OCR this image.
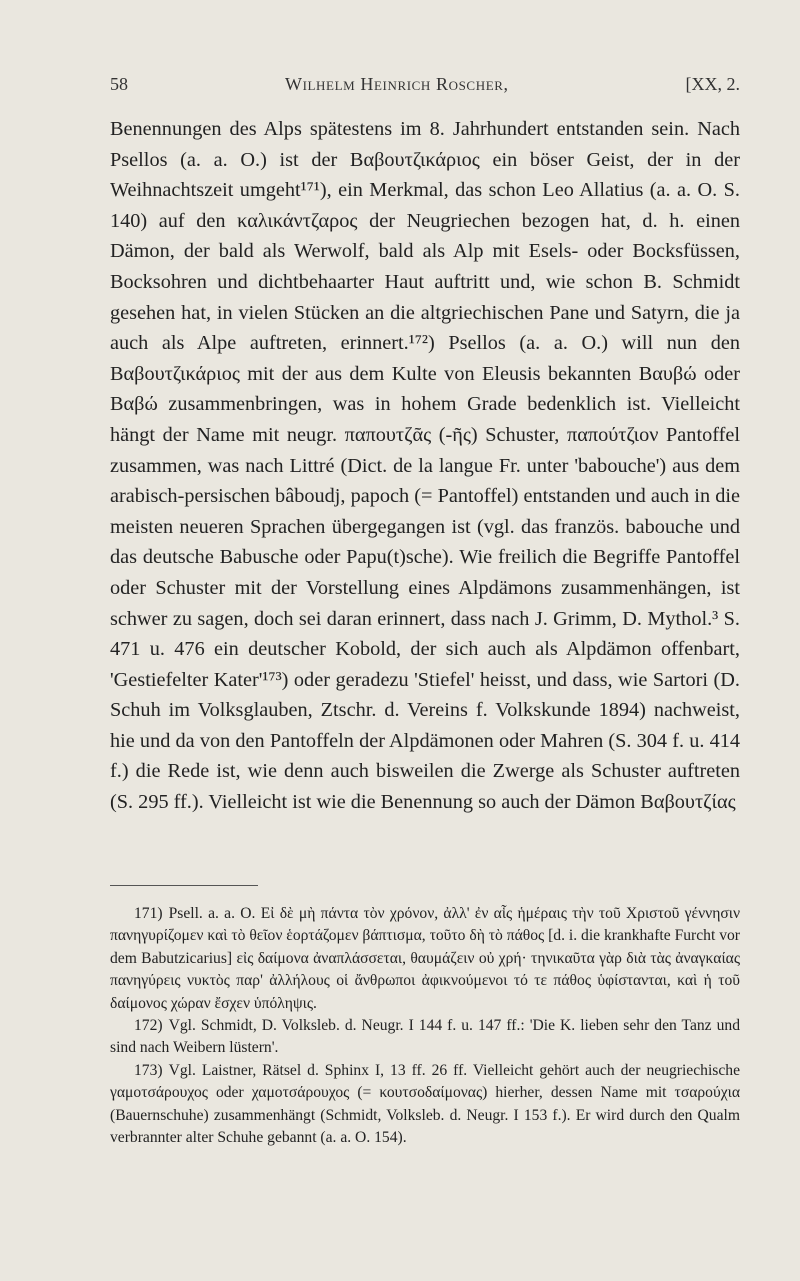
58	Wilhelm Heinrich Roscher,	[XX, 2.

Benennungen des Alps spätestens im 8. Jahrhundert entstanden sein. Nach Psellos (a. a. O.) ist der Βαβουτζικάριος ein böser Geist, der in der Weihnachtszeit umgeht¹⁷¹), ein Merkmal, das schon Leo Allatius (a. a. O. S. 140) auf den καλικάντζαρος der Neugriechen bezogen hat, d. h. einen Dämon, der bald als Werwolf, bald als Alp mit Esels- oder Bocksfüssen, Bocksohren und dichtbehaarter Haut auftritt und, wie schon B. Schmidt gesehen hat, in vielen Stücken an die altgriechischen Pane und Satyrn, die ja auch als Alpe auftreten, erinnert.¹⁷²) Psellos (a. a. O.) will nun den Βαβουτζικάριος mit der aus dem Kulte von Eleusis bekannten Βαυβώ oder Βαβώ zusammenbringen, was in hohem Grade bedenklich ist. Vielleicht hängt der Name mit neugr. παπουτζᾶς (-ῆς) Schuster, παπούτζιον Pantoffel zusammen, was nach Littré (Dict. de la langue Fr. unter 'babouche') aus dem arabisch-persischen bâboudj, papoch (= Pantoffel) entstanden und auch in die meisten neueren Sprachen übergegangen ist (vgl. das französ. babouche und das deutsche Babusche oder Papu(t)sche). Wie freilich die Begriffe Pantoffel oder Schuster mit der Vorstellung eines Alpdämons zusammenhängen, ist schwer zu sagen, doch sei daran erinnert, dass nach J. Grimm, D. Mythol.³ S. 471 u. 476 ein deutscher Kobold, der sich auch als Alpdämon offenbart, 'Gestiefelter Kater'¹⁷³) oder geradezu 'Stiefel' heisst, und dass, wie Sartori (D. Schuh im Volksglauben, Ztschr. d. Vereins f. Volkskunde 1894) nachweist, hie und da von den Pantoffeln der Alpdämonen oder Mahren (S. 304 f. u. 414 f.) die Rede ist, wie denn auch bisweilen die Zwerge als Schuster auftreten (S. 295 ff.). Vielleicht ist wie die Benennung so auch der Dämon Βαβουτζίας

171) Psell. a. a. O. Εἰ δὲ μὴ πάντα τὸν χρόνον, ἀλλ' ἐν αἷς ἡμέραις τὴν τοῦ Χριστοῦ γέννησιν πανηγυρίζομεν καὶ τὸ θεῖον ἑορτάζομεν βάπτισμα, τοῦτο δὴ τὸ πάθος [d. i. die krankhafte Furcht vor dem Babutzicarius] εἰς δαίμονα ἀναπλάσσεται, θαυμάζειν οὐ χρή· τηνικαῦτα γὰρ διὰ τὰς ἀναγκαίας πανηγύρεις νυκτὸς παρ' ἀλλήλους οἱ ἄνθρωποι ἀφικνούμενοι τό τε πάθος ὑφίστανται, καὶ ἡ τοῦ δαίμονος χώραν ἔσχεν ὑπόληψις.

172) Vgl. Schmidt, D. Volksleb. d. Neugr. I 144 f. u. 147 ff.: 'Die K. lieben sehr den Tanz und sind nach Weibern lüstern'.

173) Vgl. Laistner, Rätsel d. Sphinx I, 13 ff. 26 ff. Vielleicht gehört auch der neugriechische γαμοτσάρουχος oder χαμοτσάρουχος (= κουτσοδαίμονας) hierher, dessen Name mit τσαρούχια (Bauernschuhe) zusammenhängt (Schmidt, Volksleb. d. Neugr. I 153 f.). Er wird durch den Qualm verbrannter alter Schuhe gebannt (a. a. O. 154).
